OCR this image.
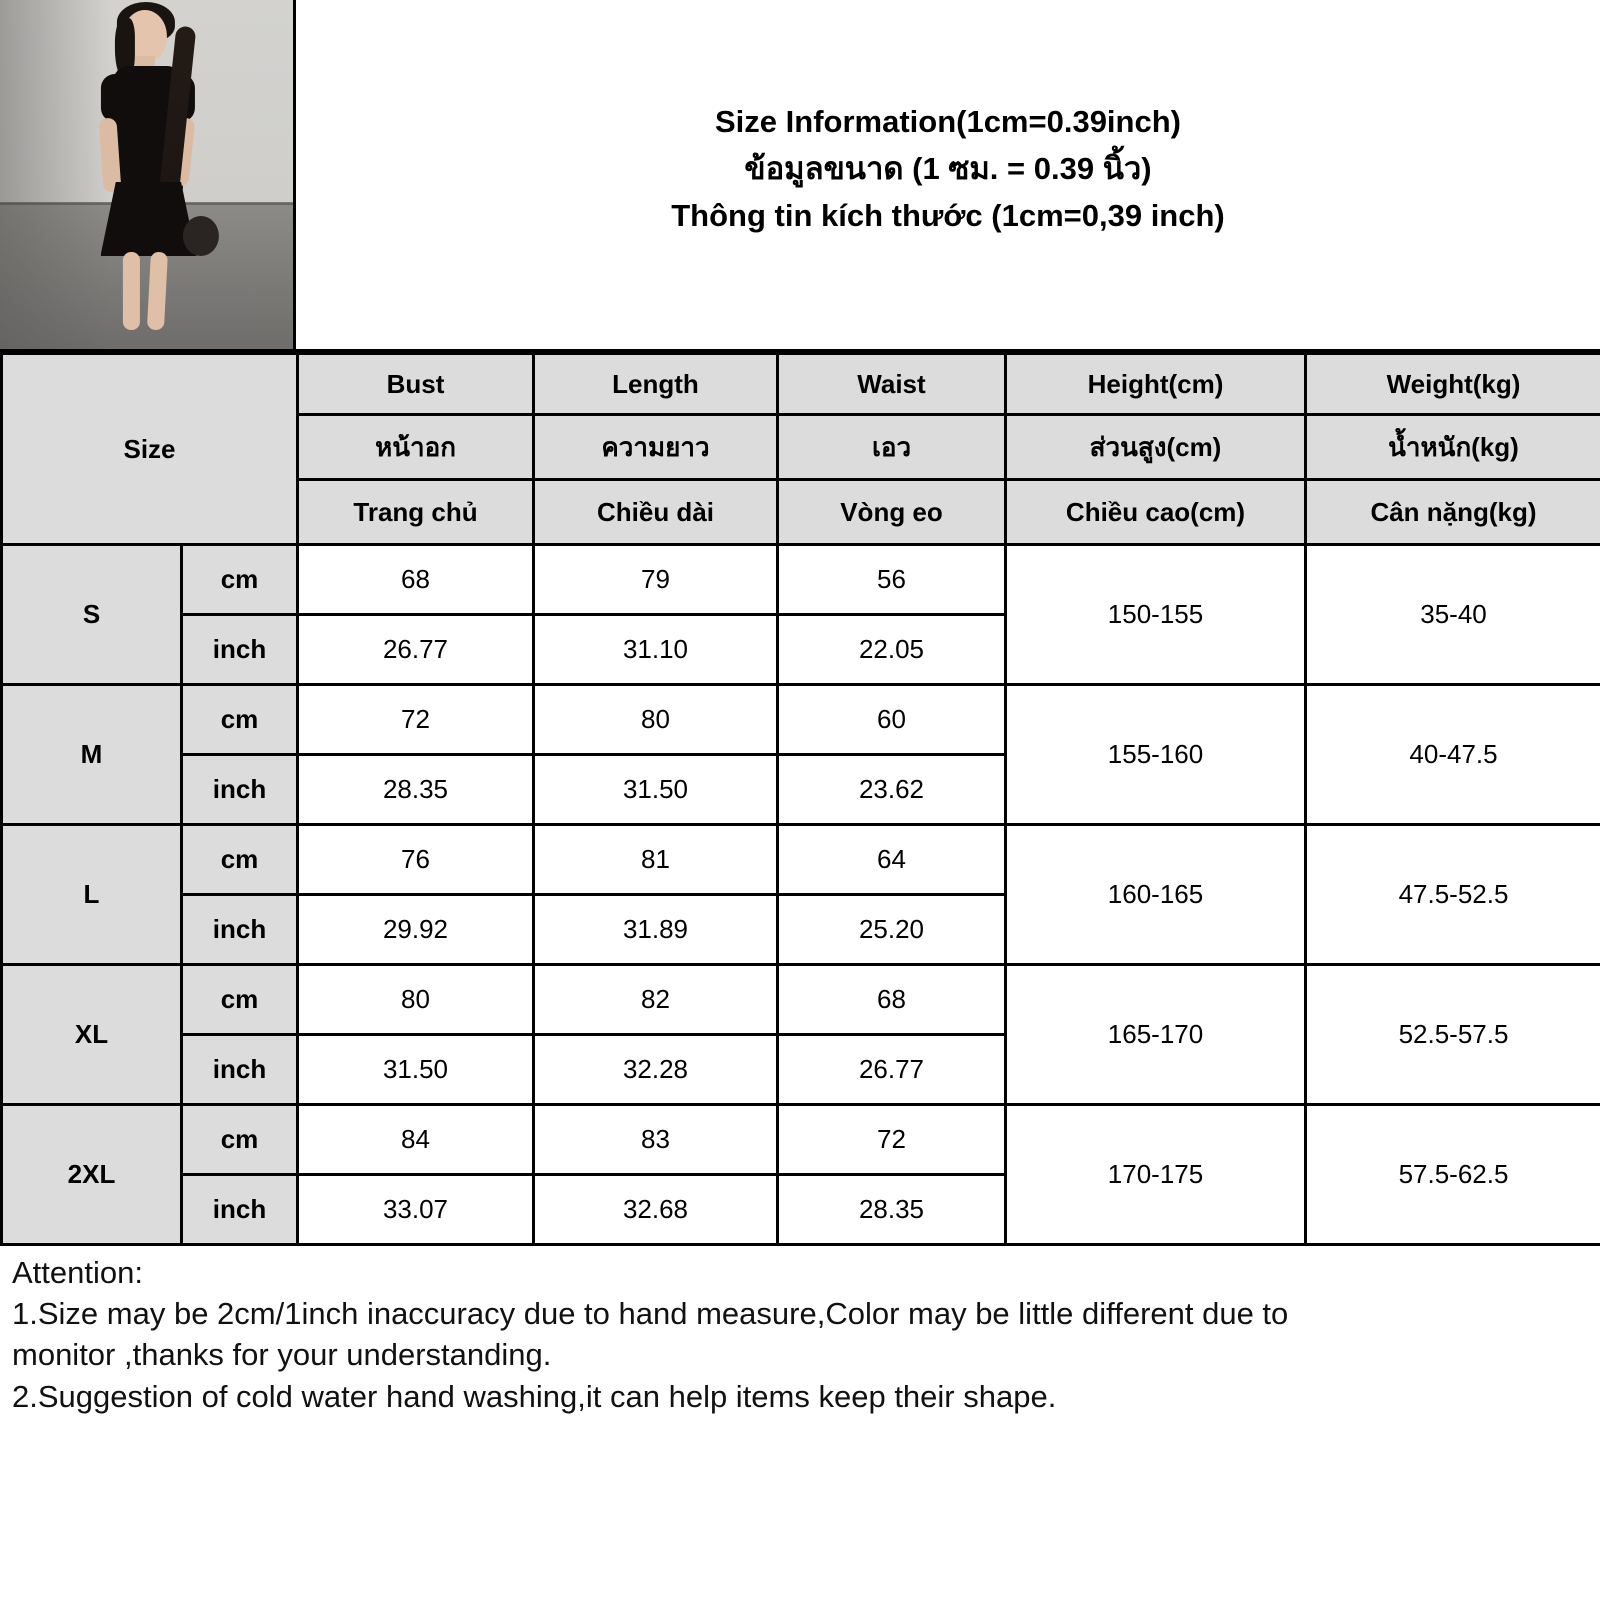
Size Information(1cm=0.39inch)
ข้อมูลขนาด (1 ซม. = 0.39 นิ้ว)
Thông tin kích thước (1cm=0,39 inch)
Size		Bust	Length	Waist	Height(cm)	Weight(kg)
		หน้าอก	ความยาว	เอว	ส่วนสูง(cm)	น้ำหนัก(kg)
		Trang chủ	Chiều dài	Vòng eo	Chiều cao(cm)	Cân nặng(kg)
S	cm	68	79	56	150-155	35-40
	inch	26.77	31.10	22.05		
M	cm	72	80	60	155-160	40-47.5
	inch	28.35	31.50	23.62		
L	cm	76	81	64	160-165	47.5-52.5
	inch	29.92	31.89	25.20		
XL	cm	80	82	68	165-170	52.5-57.5
	inch	31.50	32.28	26.77		
2XL	cm	84	83	72	170-175	57.5-62.5
	inch	33.07	32.68	28.35		

Attention:

1.Size may be 2cm/1inch inaccuracy due to hand measure,Color may be little different due to

monitor ,thanks for your understanding.

2.Suggestion of cold water hand washing,it can help items keep their shape.
